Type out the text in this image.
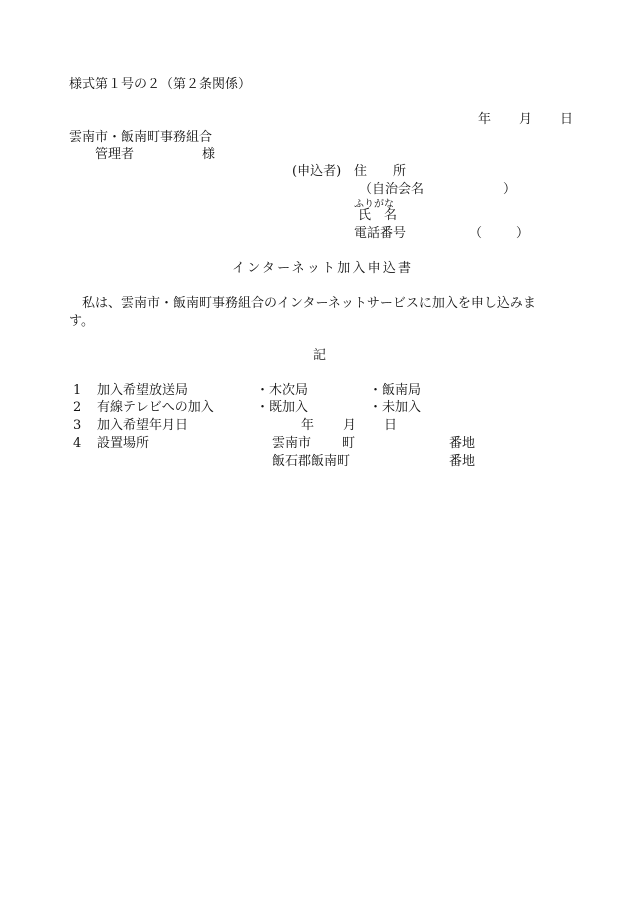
様式第１号の２（第２条関係）
年 月 日
雲南市・飯南町事務組合
管理者	様
(申込者) 住　　所
（自治会名	）
ふりがな
氏　名
電話番号	（	）
インターネット加入申込書
私は、雲南市・飯南町事務組合のインターネットサービスに加入を申し込みま
す。
記
1 加入希望放送局	・木次局	・飯南局
2 有線テレビへの加入	・既加入	・未加入
3 加入希望年月日	年 月 日
4 設置場所	雲南市 町	番地
飯石郡飯南町	番地
